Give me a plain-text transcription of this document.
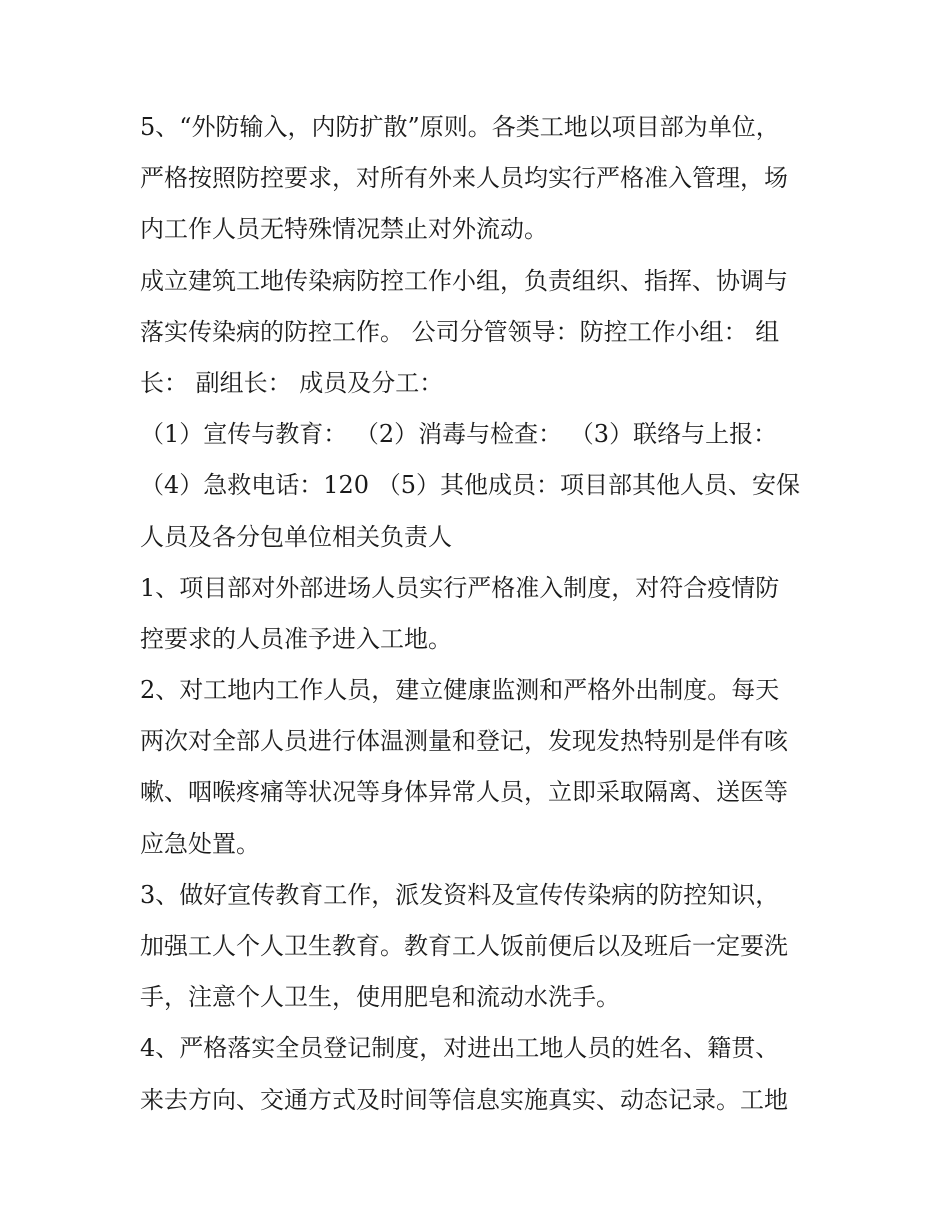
5、“外防输入，内防扩散”原则。各类工地以项目部为单位，
严格按照防控要求，对所有外来人员均实行严格准入管理，场
内工作人员无特殊情况禁止对外流动。
成立建筑工地传染病防控工作小组，负责组织、指挥、协调与
落实传染病的防控工作。 公司分管领导：防控工作小组： 组
长： 副组长： 成员及分工：
（1）宣传与教育： （2）消毒与检查： （3）联络与上报：
（4）急救电话：120 （5）其他成员：项目部其他人员、安保
人员及各分包单位相关负责人
1、项目部对外部进场人员实行严格准入制度，对符合疫情防
控要求的人员准予进入工地。
2、对工地内工作人员，建立健康监测和严格外出制度。每天
两次对全部人员进行体温测量和登记，发现发热特别是伴有咳
嗽、咽喉疼痛等状况等身体异常人员，立即采取隔离、送医等
应急处置。
3、做好宣传教育工作，派发资料及宣传传染病的防控知识，
加强工人个人卫生教育。教育工人饭前便后以及班后一定要洗
手，注意个人卫生，使用肥皂和流动水洗手。
4、严格落实全员登记制度，对进出工地人员的姓名、籍贯、
来去方向、交通方式及时间等信息实施真实、动态记录。工地
